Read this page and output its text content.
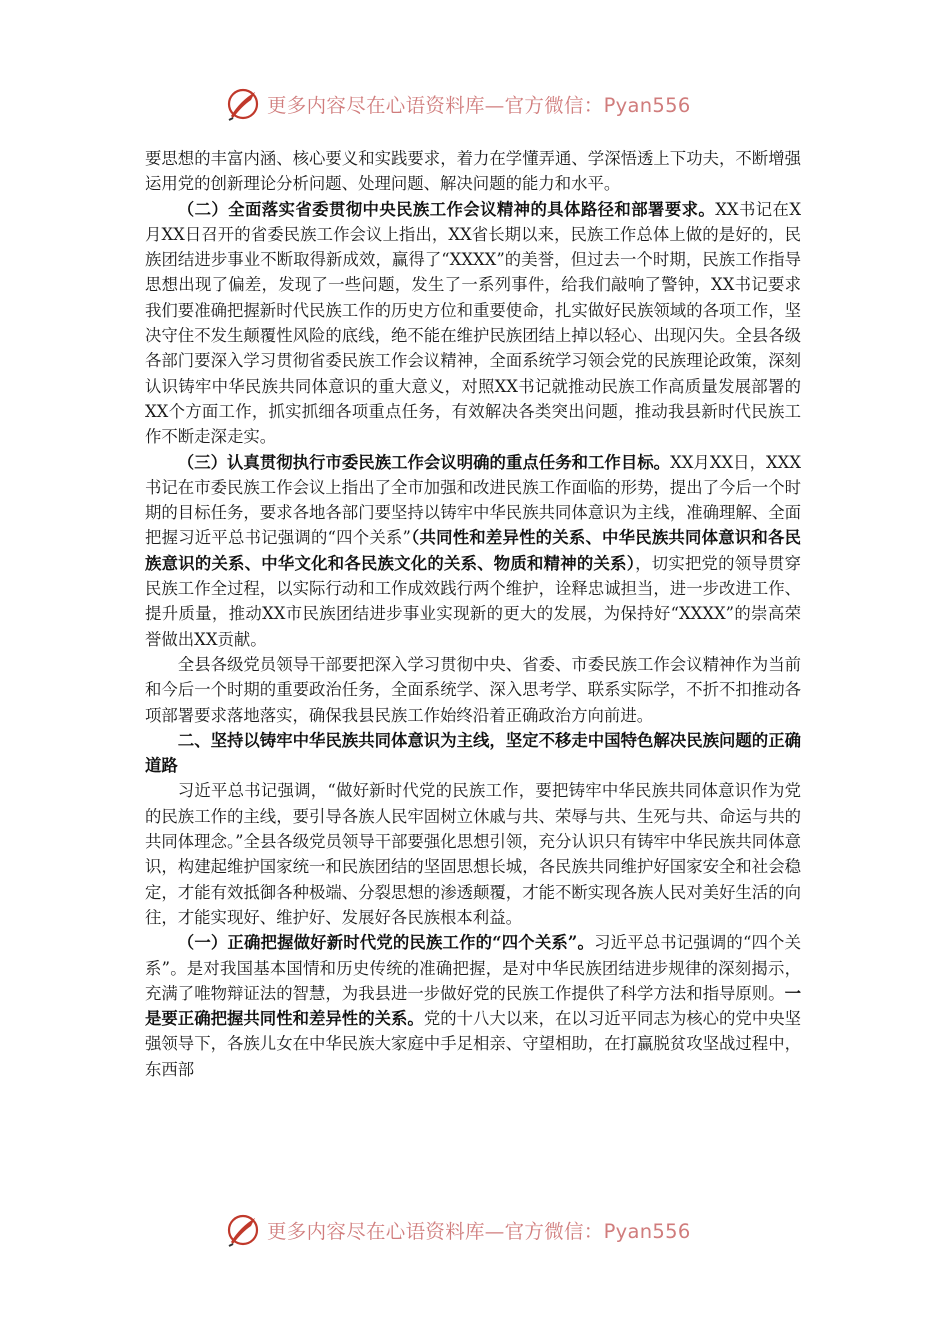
更多内容尽在心语资料库—官方微信：Pyan556

要思想的丰富内涵、核心要义和实践要求，着力在学懂弄通、学深悟透上下功夫，不断增强运用党的创新理论分析问题、处理问题、解决问题的能力和水平。

（二）全面落实省委贯彻中央民族工作会议精神的具体路径和部署要求。XX书记在X月XX日召开的省委民族工作会议上指出，XX省长期以来，民族工作总体上做的是好的，民族团结进步事业不断取得新成效，赢得了“XXXX”的美誉，但过去一个时期，民族工作指导思想出现了偏差，发现了一些问题，发生了一系列事件，给我们敲响了警钟，XX书记要求我们要准确把握新时代民族工作的历史方位和重要使命，扎实做好民族领域的各项工作，坚决守住不发生颠覆性风险的底线，绝不能在维护民族团结上掉以轻心、出现闪失。全县各级各部门要深入学习贯彻省委民族工作会议精神，全面系统学习领会党的民族理论政策，深刻认识铸牢中华民族共同体意识的重大意义，对照XX书记就推动民族工作高质量发展部署的XX个方面工作，抓实抓细各项重点任务，有效解决各类突出问题，推动我县新时代民族工作不断走深走实。

（三）认真贯彻执行市委民族工作会议明确的重点任务和工作目标。XX月XX日，XXX书记在市委民族工作会议上指出了全市加强和改进民族工作面临的形势，提出了今后一个时期的目标任务，要求各地各部门要坚持以铸牢中华民族共同体意识为主线，准确理解、全面把握习近平总书记强调的“四个关系”（共同性和差异性的关系、中华民族共同体意识和各民族意识的关系、中华文化和各民族文化的关系、物质和精神的关系），切实把党的领导贯穿民族工作全过程，以实际行动和工作成效践行两个维护，诠释忠诚担当，进一步改进工作、提升质量，推动XX市民族团结进步事业实现新的更大的发展，为保持好“XXXX”的崇高荣誉做出XX贡献。

全县各级党员领导干部要把深入学习贯彻中央、省委、市委民族工作会议精神作为当前和今后一个时期的重要政治任务，全面系统学、深入思考学、联系实际学，不折不扣推动各项部署要求落地落实，确保我县民族工作始终沿着正确政治方向前进。

二、坚持以铸牢中华民族共同体意识为主线，坚定不移走中国特色解决民族问题的正确道路

习近平总书记强调，“做好新时代党的民族工作，要把铸牢中华民族共同体意识作为党的民族工作的主线，要引导各族人民牢固树立休戚与共、荣辱与共、生死与共、命运与共的共同体理念。”全县各级党员领导干部要强化思想引领，充分认识只有铸牢中华民族共同体意识，构建起维护国家统一和民族团结的坚固思想长城，各民族共同维护好国家安全和社会稳定，才能有效抵御各种极端、分裂思想的渗透颠覆，才能不断实现各族人民对美好生活的向往，才能实现好、维护好、发展好各民族根本利益。

（一）正确把握做好新时代党的民族工作的“四个关系”。习近平总书记强调的“四个关系”。是对我国基本国情和历史传统的准确把握，是对中华民族团结进步规律的深刻揭示，充满了唯物辩证法的智慧，为我县进一步做好党的民族工作提供了科学方法和指导原则。一是要正确把握共同性和差异性的关系。党的十八大以来，在以习近平同志为核心的党中央坚强领导下，各族儿女在中华民族大家庭中手足相亲、守望相助，在打赢脱贫攻坚战过程中，东西部

更多内容尽在心语资料库—官方微信：Pyan556
